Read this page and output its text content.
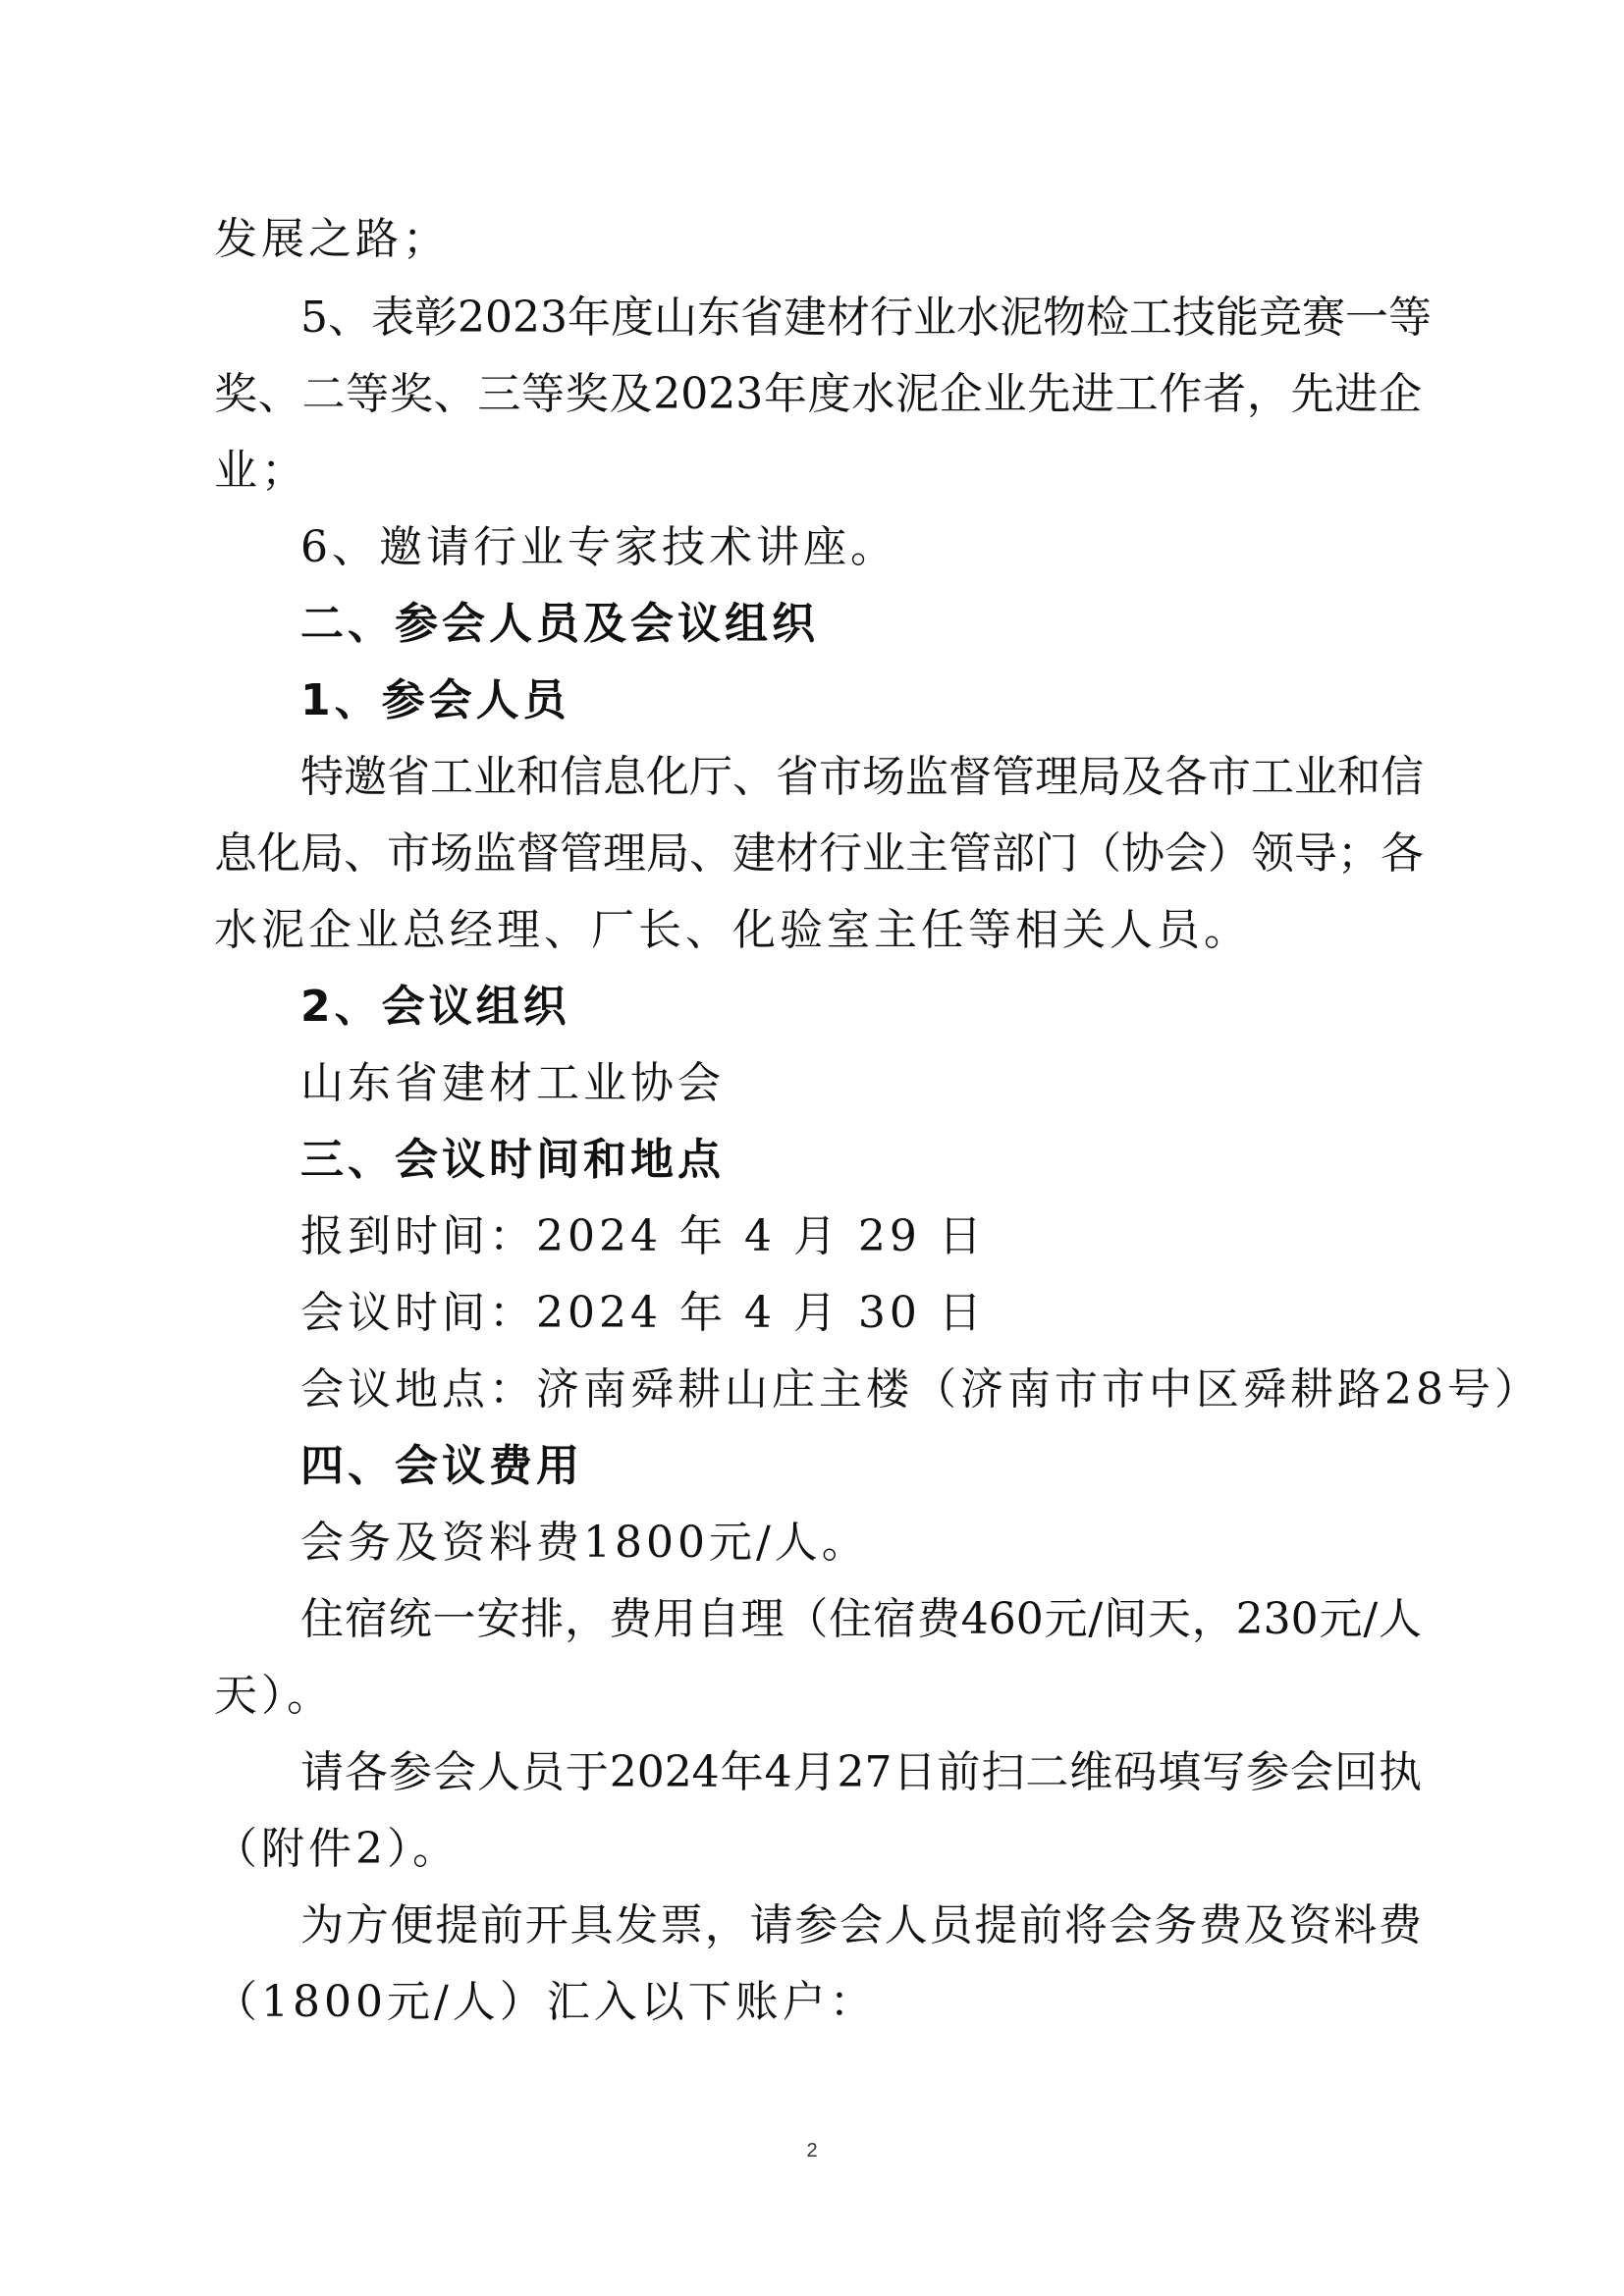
发展之路；
5、表彰2023年度山东省建材行业水泥物检工技能竞赛一等
奖、二等奖、三等奖及2023年度水泥企业先进工作者，先进企
业；
6、邀请行业专家技术讲座。
二、参会人员及会议组织
1、参会人员
特邀省工业和信息化厅、省市场监督管理局及各市工业和信
息化局、市场监督管理局、建材行业主管部门（协会）领导；各
水泥企业总经理、厂长、化验室主任等相关人员。
2、会议组织
山东省建材工业协会
三、会议时间和地点
报到时间：2024 年 4 月 29 日
会议时间：2024 年 4 月 30 日
会议地点：济南舜耕山庄主楼（济南市市中区舜耕路28号）
四、会议费用
会务及资料费1800元/人。
住宿统一安排，费用自理（住宿费460元/间天，230元/人
天）。
请各参会人员于2024年4月27日前扫二维码填写参会回执
（附件2）。
为方便提前开具发票，请参会人员提前将会务费及资料费
（1800元/人）汇入以下账户：
2
